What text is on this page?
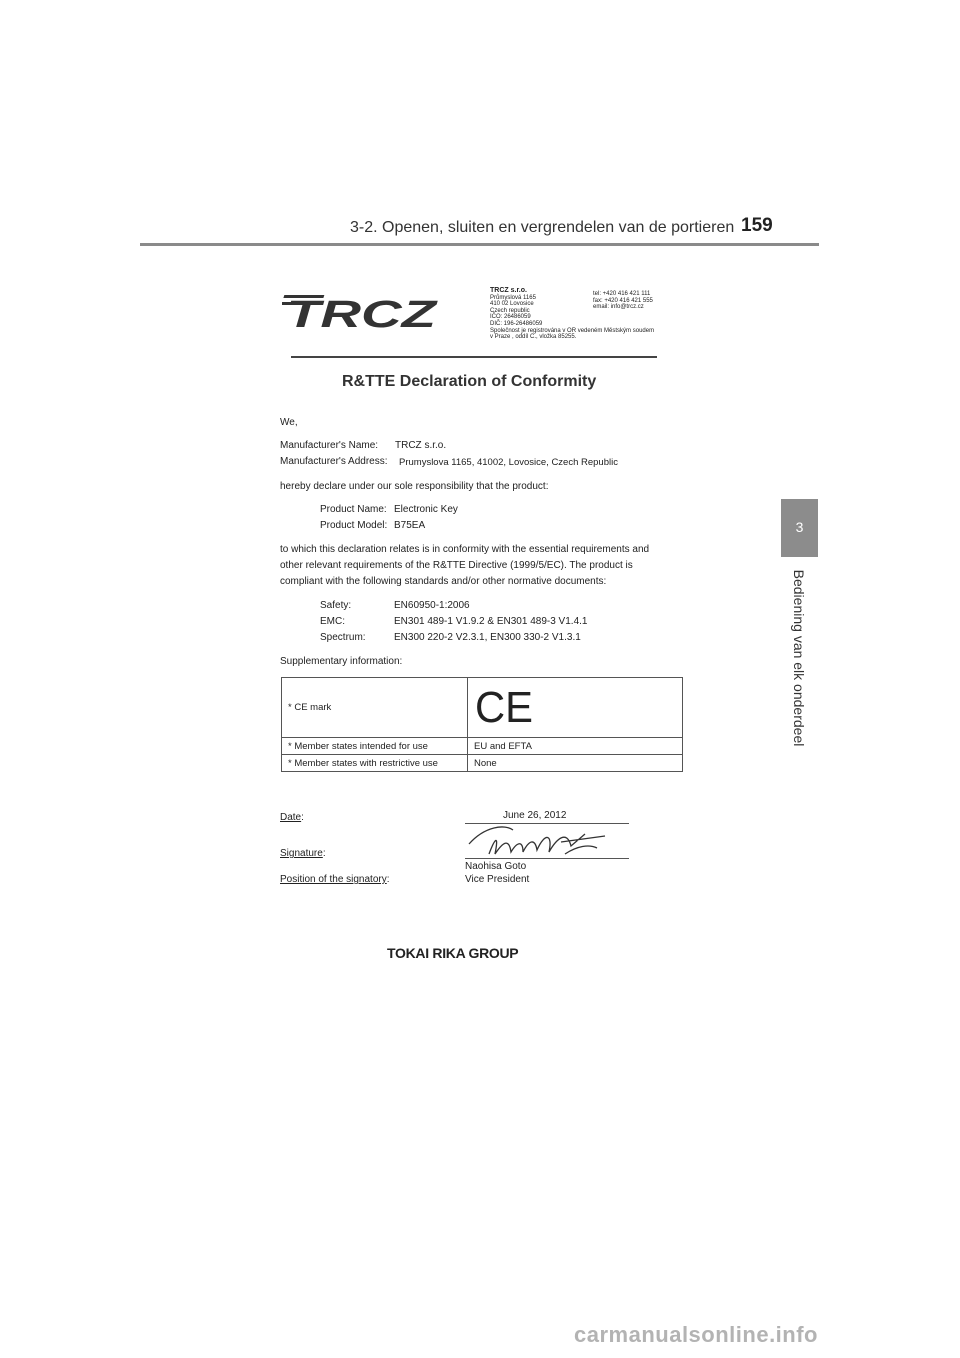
3-2. Openen, sluiten en vergrendelen van de portieren 159
3
Bediening van elk onderdeel
TRCZ
TRCZ s.r.o.
Průmyslová 1165
410 02 Lovosice
Czech republic
IČO: 26486059
DIČ: 196-26486059
Společnost je registrována v OR vedeném Městským soudem
v Praze , oddíl C., vložka 85255.
tel: +420 416 421 111
fax: +420 416 421 555
email: info@trcz.cz
R&TTE Declaration of Conformity
We,
Manufacturer's Name: TRCZ s.r.o.
Manufacturer's Address: Prumyslova 1165, 41002, Lovosice, Czech Republic
hereby declare under our sole responsibility that the product:
Product Name: Electronic Key
Product Model: B75EA
to which this declaration relates is in conformity with the essential requirements and
other relevant requirements of the R&TTE Directive (1999/5/EC). The product is
compliant with the following standards and/or other normative documents:
Safety:	EN60950-1:2006
EMC:	EN301 489-1 V1.9.2 & EN301 489-3 V1.4.1
Spectrum:	EN300 220-2 V2.3.1, EN300 330-2 V1.3.1
Supplementary information:
* CE mark	CE

* Member states intended for use	EU and EFTA
* Member states with restrictive use	None
Date:	June 26, 2012
Signature:
Naohisa Goto
Position of the signatory:	Vice President
TOKAI RIKA GROUP
carmanualsonline.info
